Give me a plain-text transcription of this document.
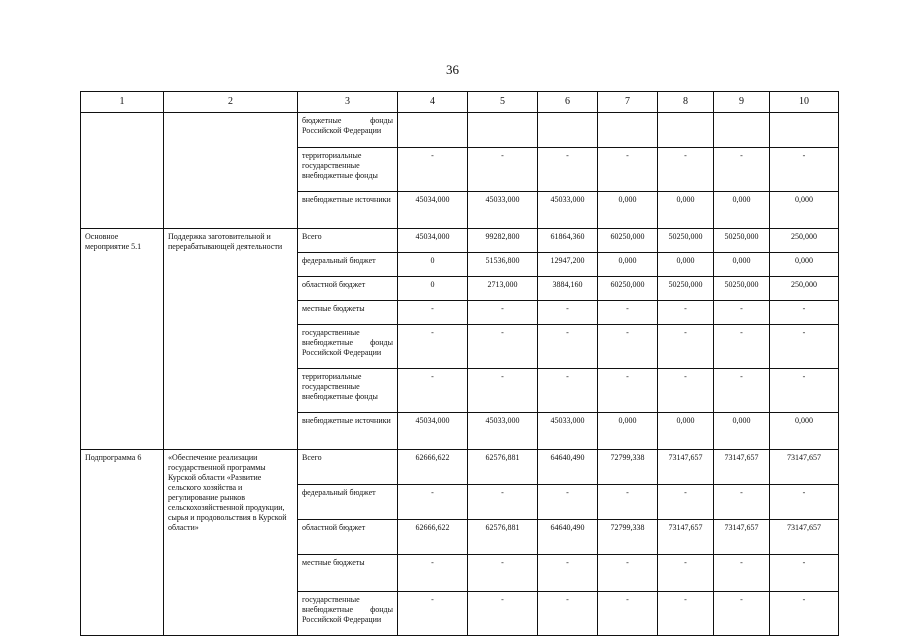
36
1	2	3	4	5	6	7	8	9	10
		бюджетные фонды Российской Федерации							
		территориальные государственные внебюджетные фонды	-	-	-	-	-	-	-
		внебюджетные источники	45034,000	45033,000	45033,000	0,000	0,000	0,000	0,000
Основное мероприятие 5.1	Поддержка заготовительной и перерабатывающей деятельности	Всего	45034,000	99282,800	61864,360	60250,000	50250,000	50250,000	250,000
		федеральный бюджет	0	51536,800	12947,200	0,000	0,000	0,000	0,000
		областной бюджет	0	2713,000	3884,160	60250,000	50250,000	50250,000	250,000
		местные бюджеты	-	-	-	-	-	-	-
		государственные внебюджетные фонды Российской Федерации	-	-	-	-	-	-	-
		территориальные государственные внебюджетные фонды	-	-	-	-	-	-	-
		внебюджетные источники	45034,000	45033,000	45033,000	0,000	0,000	0,000	0,000
Подпрограмма 6	«Обеспечение реализации государственной программы Курской области «Развитие сельского хозяйства и регулирование рынков сельскохозяйственной продукции, сырья и продовольствия в Курской области»	Всего	62666,622	62576,881	64640,490	72799,338	73147,657	73147,657	73147,657
		федеральный бюджет	-	-	-	-	-	-	-
		областной бюджет	62666,622	62576,881	64640,490	72799,338	73147,657	73147,657	73147,657
		местные бюджеты	-	-	-	-	-	-	-
		государственные внебюджетные фонды Российской Федерации	-	-	-	-	-	-	-
